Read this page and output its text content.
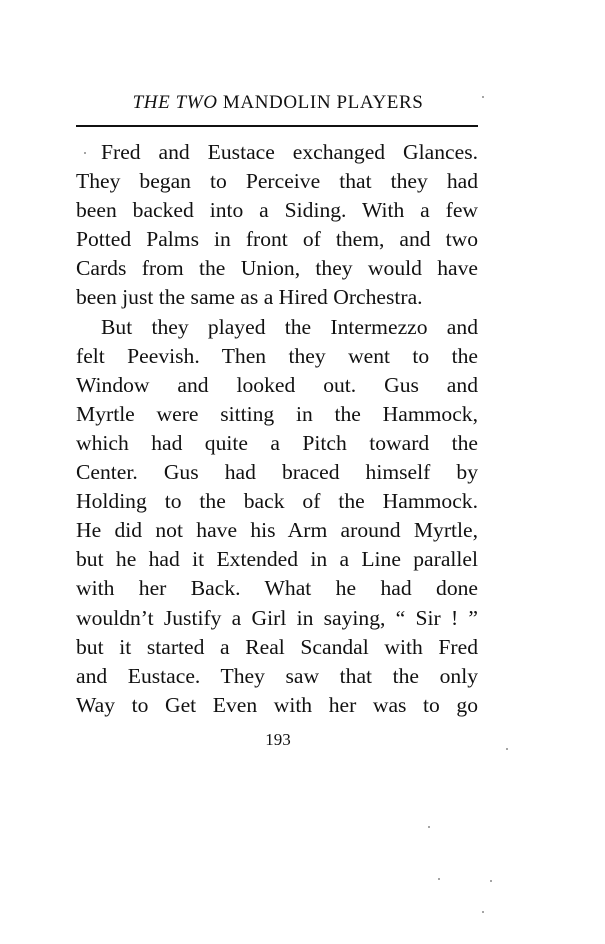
THE TWO MANDOLIN PLAYERS
Fred and Eustace exchanged Glances.
They began to Perceive that they had
been backed into a Siding. With a few
Potted Palms in front of them, and two
Cards from the Union, they would have
been just the same as a Hired Orchestra.
But they played the Intermezzo and
felt Peevish. Then they went to the
Window and looked out. Gus and
Myrtle were sitting in the Hammock,
which had quite a Pitch toward the
Center. Gus had braced himself by
Holding to the back of the Hammock.
He did not have his Arm around Myrtle,
but he had it Extended in a Line parallel
with her Back. What he had done
wouldn’t Justify a Girl in saying, “ Sir ! ”
but it started a Real Scandal with Fred
and Eustace. They saw that the only
Way to Get Even with her was to go
193
